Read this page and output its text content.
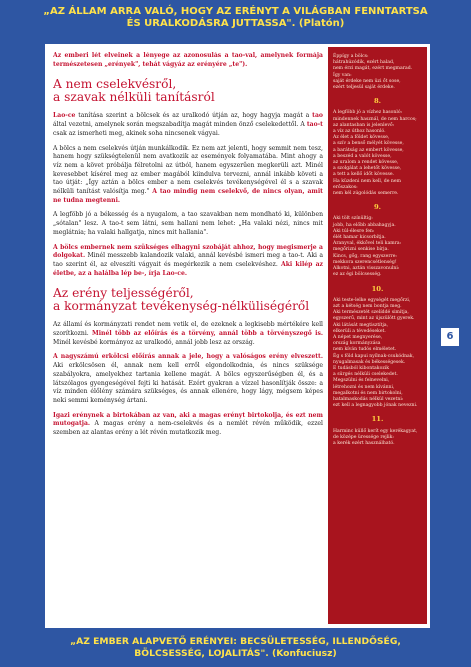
„AZ ÁLLAM ARRA VALÓ, HOGY AZ ERÉNYT A VILÁGBAN FENNTARTSA
ÉS URALKODÁSRA JUTTASSA". (Platón)

Az emberi lét elveinek a lényege az azonosulás a tao-val, amelynek formája természetesen „erények", tehát vágyáz az erényére „te").

A nem cselekvésről,
a szavak nélküli tanításról

Lao-ce tanítása szerint a bölcsek és az uralkodó útján az, hogy hagyja magát a tao által vezetni, amelynek során megszabadítja magát minden önző cselekedettől. A tao-t csak az ismerheti meg, akinek soha nincsenek vágyai.

A bölcs a nem cselekvés útján munkálkodik. Ez nem azt jelenti, hogy semmit nem tesz, hanem hogy szükségtelenül nem avatkozik az események folyamatába. Mint ahogy a víz nem a követ próbálja félretolni az útból, hanem egyszerűen megkerüli azt. Minél kevesebbet kísérel meg az ember magából kiindulva tervezni, annál inkább követi a tao útját: „Így aztán a bölcs ember a nem cselekvés tevékenységével él s a szavak nélküli tanítást valósítja meg." A tao mindig nem cselekvő, de nincs olyan, amit ne tudna megtenni.

A legföbb jó a békesség és a nyugalom, a tao szavakban nem mondható ki, különben „sótalan" lesz. A tao-t sem látni, sem hallani nem lehet: „Ha valaki nézi, nincs mit meglátnia; ha valaki hallgatja, nincs mit hallania".

A bölcs embernek nem szükséges elhagyni szobáját ahhoz, hogy megismerje a dolgokat. Minél messzebb kalandozik valaki, annál kevésbé ismeri meg a tao-t. Aki a tao szerint él, az elveszíti vágyait és megérkezik a nem cselekvéshez. Aki kilép az életbe, az a halálba lép be-, írja Lao-ce.

Az erény teljességéről,
a kormányzat tevékenység-nélküliségéről

Az államí és kormányzati rendet nem vetik el, de ezeknek a legkisebb mértékére kell szorítkozni. Minél több az előírás és a törvény, annál több a törvényszegő is. Minél kevésbé kormányoz az uralkodó, annál jobb lesz az ország.

A nagyszámú erkölcsi előírás annak a jele, hogy a valóságos erény elveszett. Aki erkölcsösen él, annak nem kell erről elgondolkodnia, és nincs szüksége szabályokra, amelyekhez tartania kellene magát. A bölcs egyszerűségben él, és a látszólagos gyengeségével fejti ki hatását. Ezért gyakran a vízzel hasonlítják össze: a víz minden élőlény számára szükséges, és annak ellenére, hogy lágy, mégsem képes neki semmi keménység ártani.

Igazi erénynek a birtokában az van, aki a magas erényt birtokolja, és ezt nem mutogatja. A magas erény a nem-cselekvés és a nemlét révén működik, ezzel szemben az alantas erény a lét révén mutatkozik meg.

Éppígy a bölcs:
hátrahúzódik, ezért halad,
nem érzi magát, ezért megmarad.
Így van:
saját érdeke nem üzi őt sose,
ezért teljesül saját érdeke.
8.
A legföbb jó a vízhez hasonló:
mindennek használ, de nem harcos;
az alantasban is jelenlevő:
a víz az úthoz hasonló.
Az élet a földet kövesse,
a szív a benső mélyét kövesse,
a barátság az embert kövesse,
a beszéd a valót kövesse,
az uralom a rendet kövesse,
a szolgálat a lehetőt kövesse,
a tett a kellő időt kövesse.
Ha küzdeni nem kell, de nem erőszakos:
nem kél zúgolódás semerre.
9.
Aki tölt színültig:
jobb, ha előbb abbahagyja.
Aki túl-élesre fen:
élét hamar kicsorbítja.
Aranyval, ékkővel teli kamra:
megőrizni senkise bírja.
Kincs, gőg, rang egyszerre:
mekkora szerencsétlenség!
Alkotni, aztán visszavonulni:
ez az égi bölcsesség.
10.
Aki teste-lelke egységét megőrzi,
azt a kétség nem bontja meg.
Aki természetét szelíddé simítja,
egyszerű, mint az újszülött gyerek.
Aki látását megtisztítja,
elkerüli a tévedéseket.
A népet megnyerése,
ország kormányzása
nem kíván tudós elméletet.
Ég s föld kapui nyílnak-csukódnak,
nyugalmasak és békességesek.
E tudásból kibontakozik
a sürgés nélküli cselekedet.
Megszülni és felnevelni,
létrehozni és nem kívánni,
megalkotni és nem birtokolni,
hatalmaskodás nélkül vezetni:
ezt kell a legnagyobb jónak nevezni.
11.
Harminc küllő kerít egy kerékagyat,
de középe üressége rejlik:
a kerék ezért használható.
6
„AZ EMBER ALAPVETŐ ERÉNYEI: BECSÜLETESSÉG, ILLENDŐSÉG,
BÖLCSESSÉG, LOJALITÁS". (Konfuciusz)
